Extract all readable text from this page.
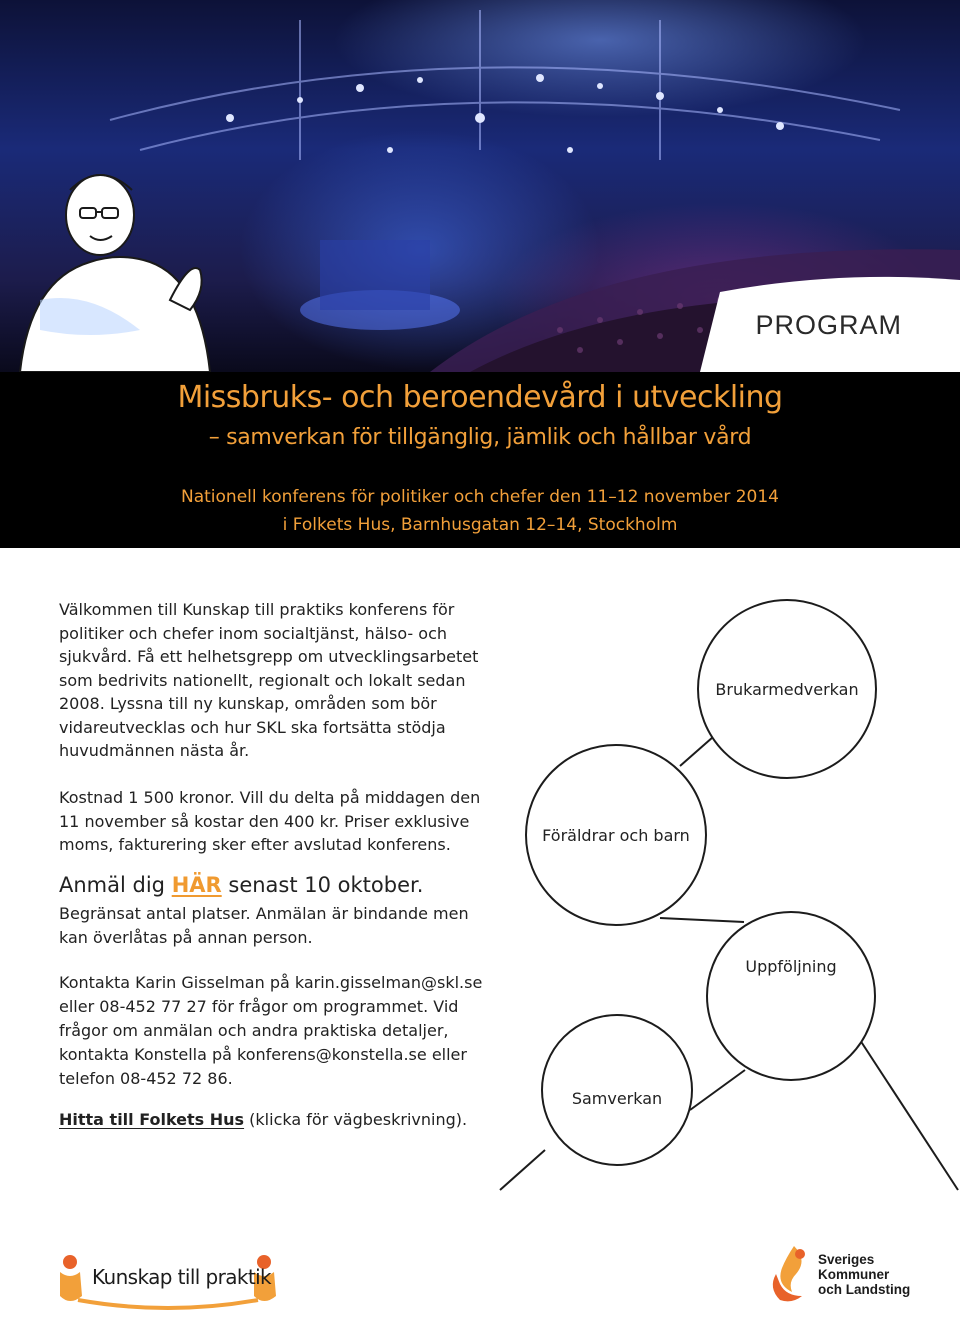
PROGRAM
Missbruks- och beroendevård i utveckling
– samverkan för tillgänglig, jämlik och hållbar vård
Nationell konferens för politiker och chefer den 11–12 november 2014
i Folkets Hus, Barnhusgatan 12–14, Stockholm

Välkommen till Kunskap till praktiks konferens för politiker och chefer inom socialtjänst, hälso- och sjukvård. Få ett helhetsgrepp om utvecklingsarbetet som bedrivits nationellt, regionalt och lokalt sedan 2008. Lyssna till ny kunskap, områden som bör vidareutvecklas och hur SKL ska fortsätta stödja huvudmännen nästa år.

Kostnad 1 500 kronor. Vill du delta på middagen den 11 november så kostar den 400 kr. Priser exklusive moms, fakturering sker efter avslutad konferens.

Anmäl dig HÄR senast 10 oktober.

Begränsat antal platser. Anmälan är bindande men kan överlåtas på annan person.

Kontakta Karin Gisselman på karin.gisselman@skl.se eller 08-452 77 27 för frågor om programmet. Vid frågor om anmälan och andra praktiska detaljer, kontakta Konstella på konferens@konstella.se eller telefon 08-452 72 86.

Hitta till Folkets Hus (klicka för vägbeskrivning).
Brukarmedverkan
Föräldrar och barn
Uppföljning
Samverkan
Kunskap till praktik
Sveriges
Kommuner
och Landsting
